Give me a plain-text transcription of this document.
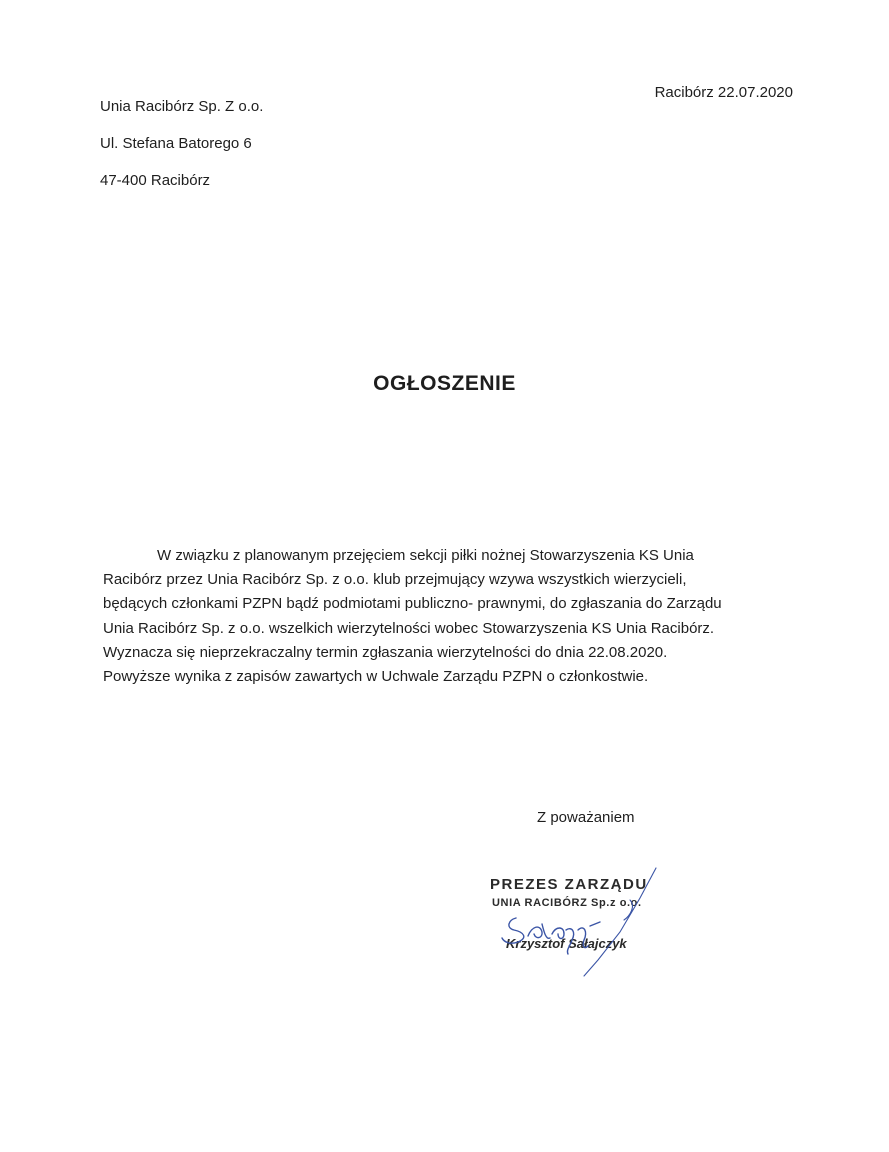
Unia Racibórz Sp. Z o.o.
Ul. Stefana Batorego 6
47-400 Racibórz
Racibórz 22.07.2020
OGŁOSZENIE
W związku z planowanym przejęciem sekcji piłki nożnej Stowarzyszenia KS Unia
Racibórz przez Unia Racibórz Sp. z o.o. klub przejmujący wzywa wszystkich wierzycieli,
będących członkami PZPN bądź podmiotami publiczno- prawnymi, do zgłaszania do Zarządu
Unia Racibórz Sp. z o.o. wszelkich wierzytelności wobec Stowarzyszenia KS Unia Racibórz.
Wyznacza się nieprzekraczalny termin zgłaszania wierzytelności do dnia 22.08.2020.
Powyższe wynika z zapisów zawartych w Uchwale Zarządu PZPN o członkostwie.
Z poważaniem
PREZES ZARZĄDU
UNIA RACIBÓRZ Sp.z o.o.
Krzysztof Sałajczyk
